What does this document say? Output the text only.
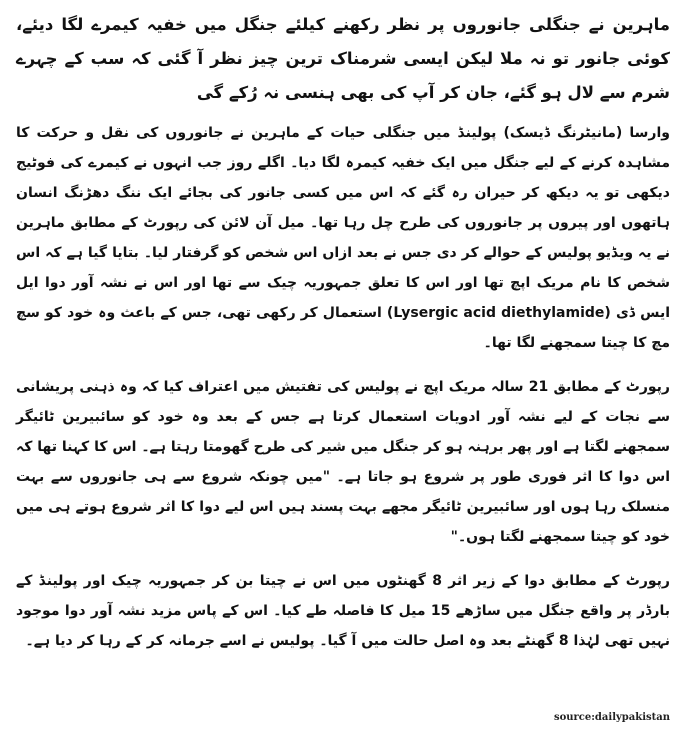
ماہرین نے جنگلی جانوروں پر نظر رکھنے کیلئے جنگل میں خفیہ کیمرے لگا دیئے، کوئی جانور تو نہ ملا لیکن ایسی شرمناک ترین چیز نظر آ گئی کہ سب کے چہرے شرم سے لال ہو گئے، جان کر آپ کی بھی ہنسی نہ رُکے گی

وارسا (مانیٹرنگ ڈیسک) پولینڈ میں جنگلی حیات کے ماہرین نے جانوروں کی نقل و حرکت کا مشاہدہ کرنے کے لیے جنگل میں ایک خفیہ کیمرہ لگا دیا۔ اگلے روز جب انہوں نے کیمرے کی فوٹیج دیکھی تو یہ دیکھ کر حیران رہ گئے کہ اس میں کسی جانور کی بجائے ایک ننگ دھڑنگ انسان ہاتھوں اور پیروں پر جانوروں کی طرح چل رہا تھا۔ میل آن لائن کی رپورٹ کے مطابق ماہرین نے یہ ویڈیو پولیس کے حوالے کر دی جس نے بعد ازاں اس شخص کو گرفتار لیا۔ بتایا گیا ہے کہ اس شخص کا نام مریک اپچ تھا اور اس کا تعلق جمہوریہ چیک سے تھا اور اس نے نشہ آور دوا ایل ایس ڈی (Lysergic acid diethylamide) استعمال کر رکھی تھی، جس کے باعث وہ خود کو سچ مچ کا چیتا سمجھنے لگا تھا۔

رپورٹ کے مطابق 21 سالہ مریک اپچ نے پولیس کی تفتیش میں اعتراف کیا کہ وہ ذہنی پریشانی سے نجات کے لیے نشہ آور ادویات استعمال کرتا ہے جس کے بعد وہ خود کو سائبیرین ٹائیگر سمجھنے لگتا ہے اور پھر برہنہ ہو کر جنگل میں شیر کی طرح گھومتا رہتا ہے۔ اس کا کہنا تھا کہ اس دوا کا اثر فوری طور پر شروع ہو جاتا ہے۔ "میں چونکہ شروع سے ہی جانوروں سے بہت منسلک رہا ہوں اور سائبیرین ٹائیگر مجھے بہت پسند ہیں اس لیے دوا کا اثر شروع ہوتے ہی میں خود کو چیتا سمجھنے لگتا ہوں۔"

رپورٹ کے مطابق دوا کے زیر اثر 8 گھنٹوں میں اس نے چیتا بن کر جمہوریہ چیک اور پولینڈ کے بارڈر پر واقع جنگل میں ساڑھے 15 میل کا فاصلہ طے کیا۔ اس کے پاس مزید نشہ آور دوا موجود نہیں تھی لہٰذا 8 گھنٹے بعد وہ اصل حالت میں آ گیا۔ پولیس نے اسے جرمانہ کر کے رہا کر دیا ہے۔

source:dailypakistan
